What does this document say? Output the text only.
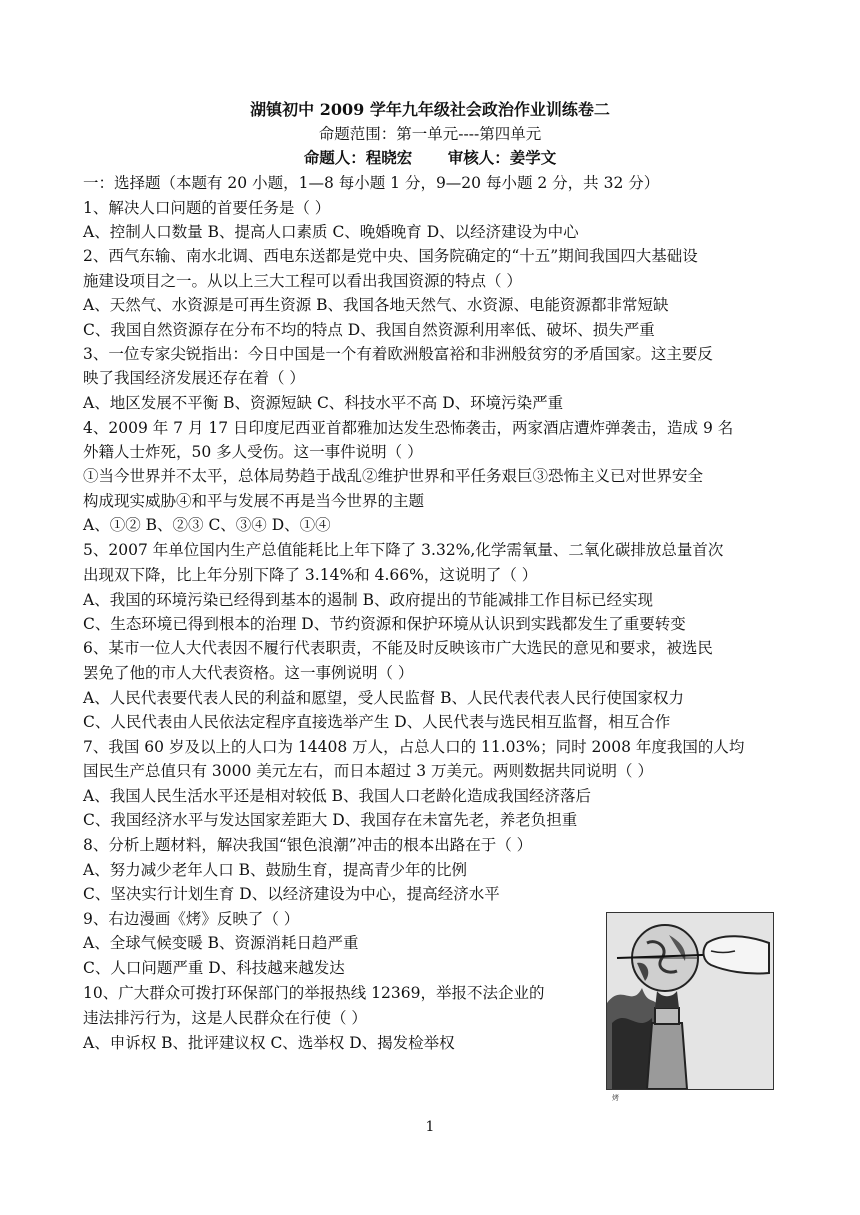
湖镇初中 2009 学年九年级社会政治作业训练卷二
命题范围：第一单元----第四单元
命题人：程晓宏 审核人：姜学文
一：选择题（本题有 20 小题，1—8 每小题 1 分，9—20 每小题 2 分，共 32 分）
1、解决人口问题的首要任务是（ ）
A、控制人口数量 B、提高人口素质 C、晚婚晚育 D、以经济建设为中心
2、西气东输、南水北调、西电东送都是党中央、国务院确定的“十五”期间我国四大基础设
施建设项目之一。从以上三大工程可以看出我国资源的特点（ ）
A、天然气、水资源是可再生资源 B、我国各地天然气、水资源、电能资源都非常短缺
C、我国自然资源存在分布不均的特点 D、我国自然资源利用率低、破坏、损失严重
3、一位专家尖锐指出：今日中国是一个有着欧洲般富裕和非洲般贫穷的矛盾国家。这主要反
映了我国经济发展还存在着（ ）
A、地区发展不平衡 B、资源短缺 C、科技水平不高 D、环境污染严重
4、2009 年 7 月 17 日印度尼西亚首都雅加达发生恐怖袭击，两家酒店遭炸弹袭击，造成 9 名
外籍人士炸死，50 多人受伤。这一事件说明（ ）
①当今世界并不太平，总体局势趋于战乱②维护世界和平任务艰巨③恐怖主义已对世界安全
构成现实威胁④和平与发展不再是当今世界的主题
A、①② B、②③ C、③④ D、①④
5、2007 年单位国内生产总值能耗比上年下降了 3.32%,化学需氧量、二氧化碳排放总量首次
出现双下降，比上年分别下降了 3.14%和 4.66%，这说明了（ ）
A、我国的环境污染已经得到基本的遏制 B、政府提出的节能减排工作目标已经实现
C、生态环境已得到根本的治理 D、节约资源和保护环境从认识到实践都发生了重要转变
6、某市一位人大代表因不履行代表职责，不能及时反映该市广大选民的意见和要求，被选民
罢免了他的市人大代表资格。这一事例说明（ ）
A、人民代表要代表人民的利益和愿望，受人民监督 B、人民代表代表人民行使国家权力
C、人民代表由人民依法定程序直接选举产生 D、人民代表与选民相互监督，相互合作
7、我国 60 岁及以上的人口为 14408 万人，占总人口的 11.03%；同时 2008 年度我国的人均
国民生产总值只有 3000 美元左右，而日本超过 3 万美元。两则数据共同说明（ ）
A、我国人民生活水平还是相对较低 B、我国人口老龄化造成我国经济落后
C、我国经济水平与发达国家差距大 D、我国存在未富先老，养老负担重
8、分析上题材料，解决我国“银色浪潮”冲击的根本出路在于（ ）
A、努力减少老年人口 B、鼓励生育，提高青少年的比例
C、坚决实行计划生育 D、以经济建设为中心，提高经济水平
9、右边漫画《烤》反映了（ ）
A、全球气候变暖 B、资源消耗日趋严重
C、人口问题严重 D、科技越来越发达
10、广大群众可拨打环保部门的举报热线 12369，举报不法企业的
违法排污行为，这是人民群众在行使（ ）
A、申诉权 B、批评建议权 C、选举权 D、揭发检举权
烤
1
